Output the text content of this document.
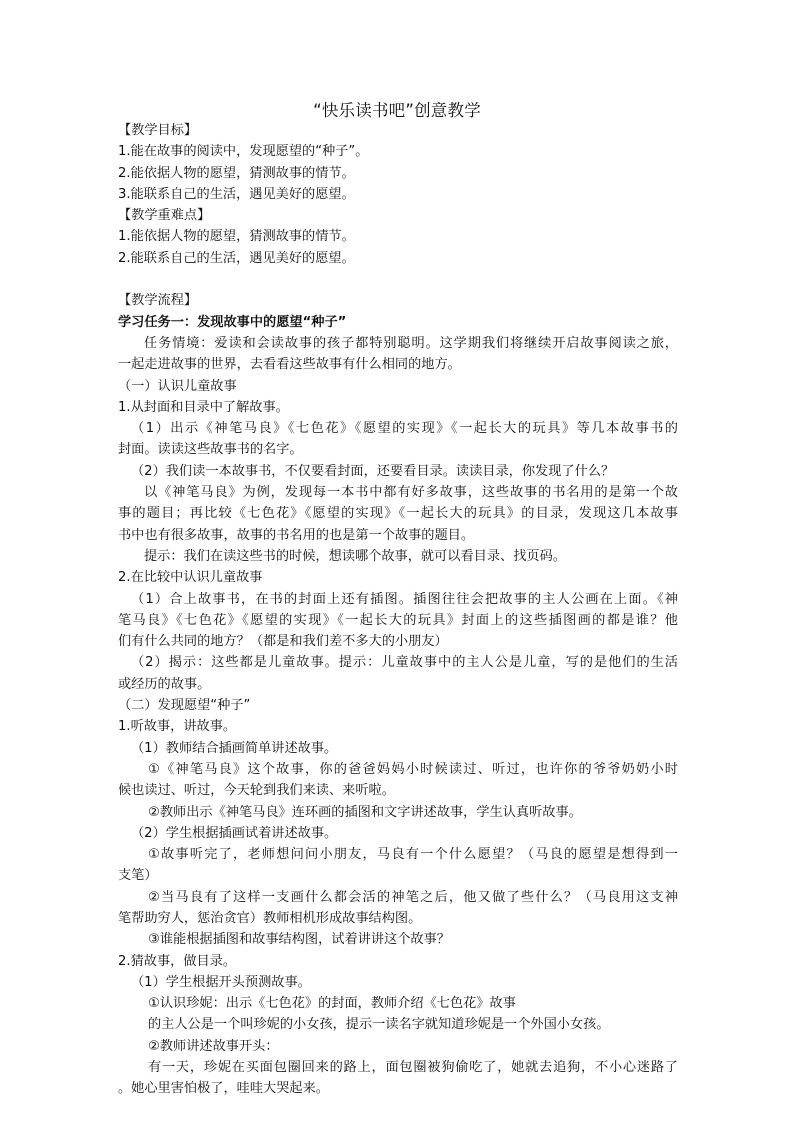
“快乐读书吧”创意教学
【教学目标】
1.能在故事的阅读中，发现愿望的“种子”。
2.能依据人物的愿望，猜测故事的情节。
3.能联系自己的生活，遇见美好的愿望。
【教学重难点】
1.能依据人物的愿望，猜测故事的情节。
2.能联系自己的生活，遇见美好的愿望。
【教学流程】
学习任务一：发现故事中的愿望“种子”
任务情境：爱读和会读故事的孩子都特别聪明。这学期我们将继续开启故事阅读之旅，
一起走进故事的世界，去看看这些故事有什么相同的地方。
（一）认识儿童故事
1.从封面和目录中了解故事。
（1）出示《神笔马良》《七色花》《愿望的实现》《一起长大的玩具》等几本故事书的
封面。读读这些故事书的名字。
（2）我们读一本故事书，不仅要看封面，还要看目录。读读目录，你发现了什么？
以《神笔马良》为例，发现每一本书中都有好多故事，这些故事的书名用的是第一个故
事的题目；再比较《七色花》《愿望的实现》《一起长大的玩具》的目录，发现这几本故事
书中也有很多故事，故事的书名用的也是第一个故事的题目。
提示：我们在读这些书的时候，想读哪个故事，就可以看目录、找页码。
2.在比较中认识儿童故事
（1）合上故事书，在书的封面上还有插图。插图往往会把故事的主人公画在上面。《神
笔马良》《七色花》《愿望的实现》《一起长大的玩具》封面上的这些插图画的都是谁？他
们有什么共同的地方？（都是和我们差不多大的小朋友）
（2）揭示：这些都是儿童故事。提示：儿童故事中的主人公是儿童，写的是他们的生活
或经历的故事。
（二）发现愿望“种子”
1.听故事，讲故事。
（1）教师结合插画简单讲述故事。
①《神笔马良》这个故事，你的爸爸妈妈小时候读过、听过，也许你的爷爷奶奶小时
候也读过、听过，今天轮到我们来读、来听啦。
②教师出示《神笔马良》连环画的插图和文字讲述故事，学生认真听故事。
（2）学生根据插画试着讲述故事。
①故事听完了，老师想问问小朋友，马良有一个什么愿望？（马良的愿望是想得到一
支笔）
②当马良有了这样一支画什么都会活的神笔之后，他又做了些什么？（马良用这支神
笔帮助穷人，惩治贪官）教师相机形成故事结构图。
③谁能根据插图和故事结构图，试着讲讲这个故事？
2.猜故事，做目录。
（1）学生根据开头预测故事。
①认识珍妮：出示《七色花》的封面，教师介绍《七色花》故事
的主人公是一个叫珍妮的小女孩，提示一读名字就知道珍妮是一个外国小女孩。
②教师讲述故事开头：
有一天，珍妮在买面包圈回来的路上，面包圈被狗偷吃了，她就去追狗，不小心迷路了
。她心里害怕极了，哇哇大哭起来。
